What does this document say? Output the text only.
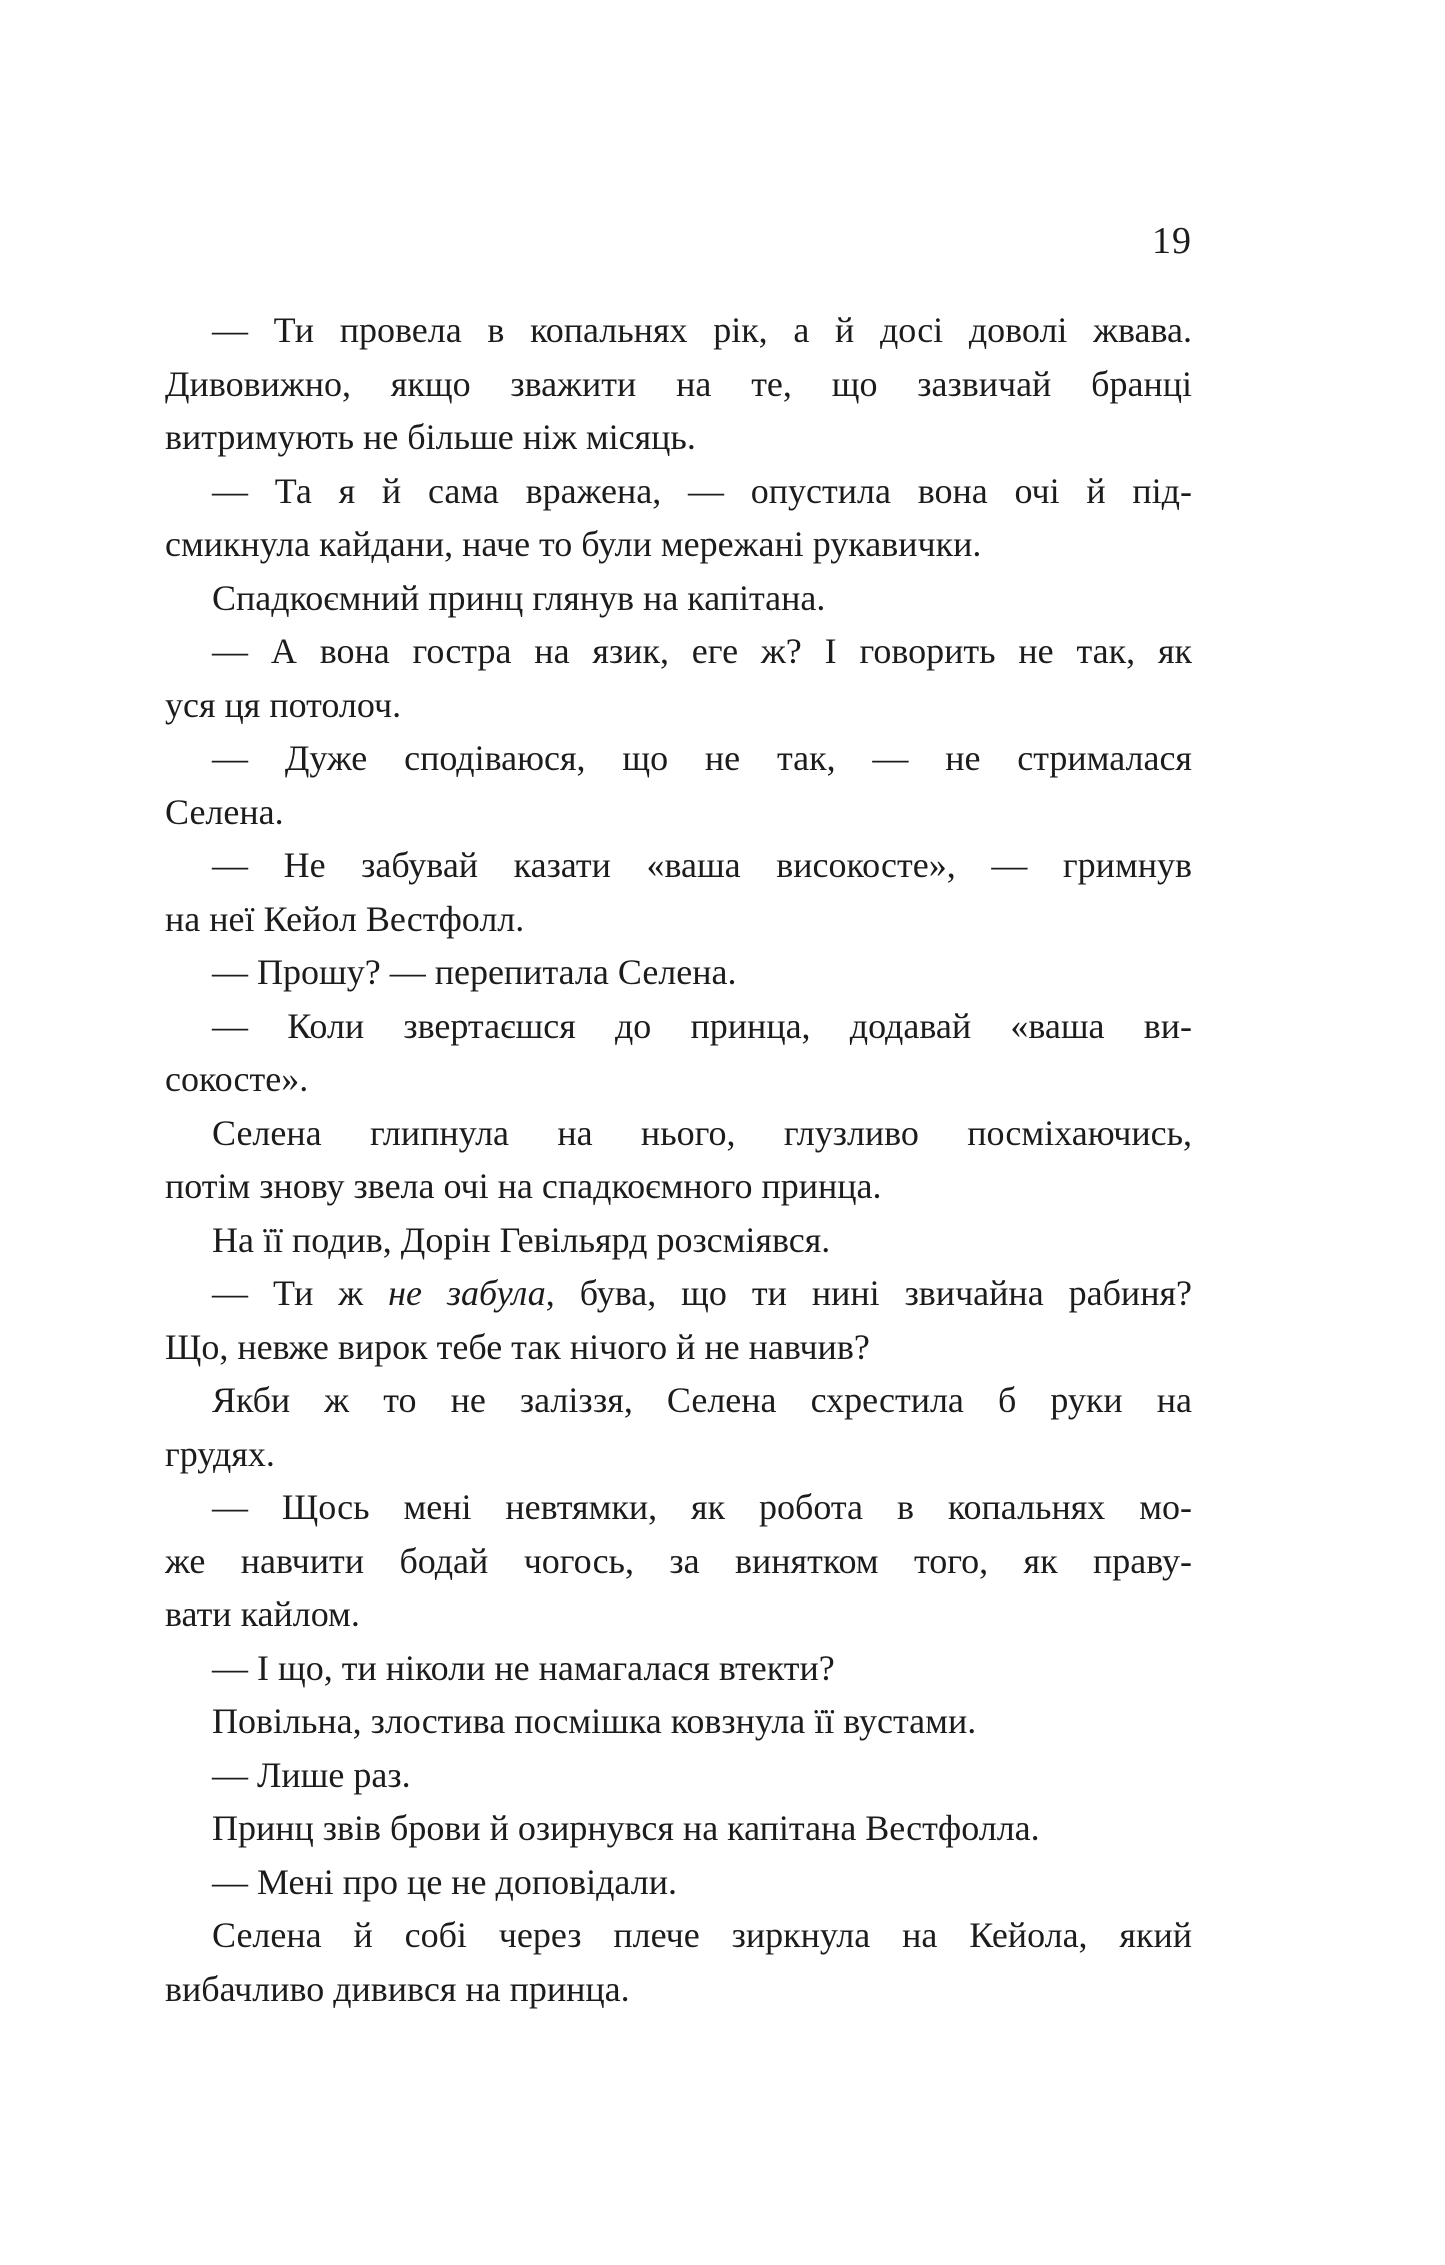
19

— Ти провела в копальнях рік, а й досі доволі жвава.
Дивовижно, якщо зважити на те, що зазвичай бранці
витримують не більше ніж місяць.

— Та я й сама вражена, — опустила вона очі й під-
смикнула кайдани, наче то були мережані рукавички.

Спадкоємний принц глянув на капітана.

— А вона гостра на язик, еге ж? І говорить не так, як
уся ця потолоч.

— Дуже сподіваюся, що не так, — не стрималася
Селена.

— Не забувай казати «ваша високосте», — гримнув
на неї Кейол Вестфолл.

— Прошу? — перепитала Селена.

— Коли звертаєшся до принца, додавай «ваша ви-
сокосте».

Селена глипнула на нього, глузливо посміхаючись,
потім знову звела очі на спадкоємного принца.

На її подив, Дорін Гевільярд розсміявся.

— Ти ж не забула, бува, що ти нині звичайна рабиня?
Що, невже вирок тебе так нічого й не навчив?

Якби ж то не заліззя, Селена схрестила б руки на
грудях.

— Щось мені невтямки, як робота в копальнях мо-
же навчити бодай чогось, за винятком того, як праву-
вати кайлом.

— І що, ти ніколи не намагалася втекти?

Повільна, злостива посмішка ковзнула її вустами.

— Лише раз.

Принц звів брови й озирнувся на капітана Вестфолла.

— Мені про це не доповідали.

Селена й собі через плече зиркнула на Кейола, який
вибачливо дивився на принца.
